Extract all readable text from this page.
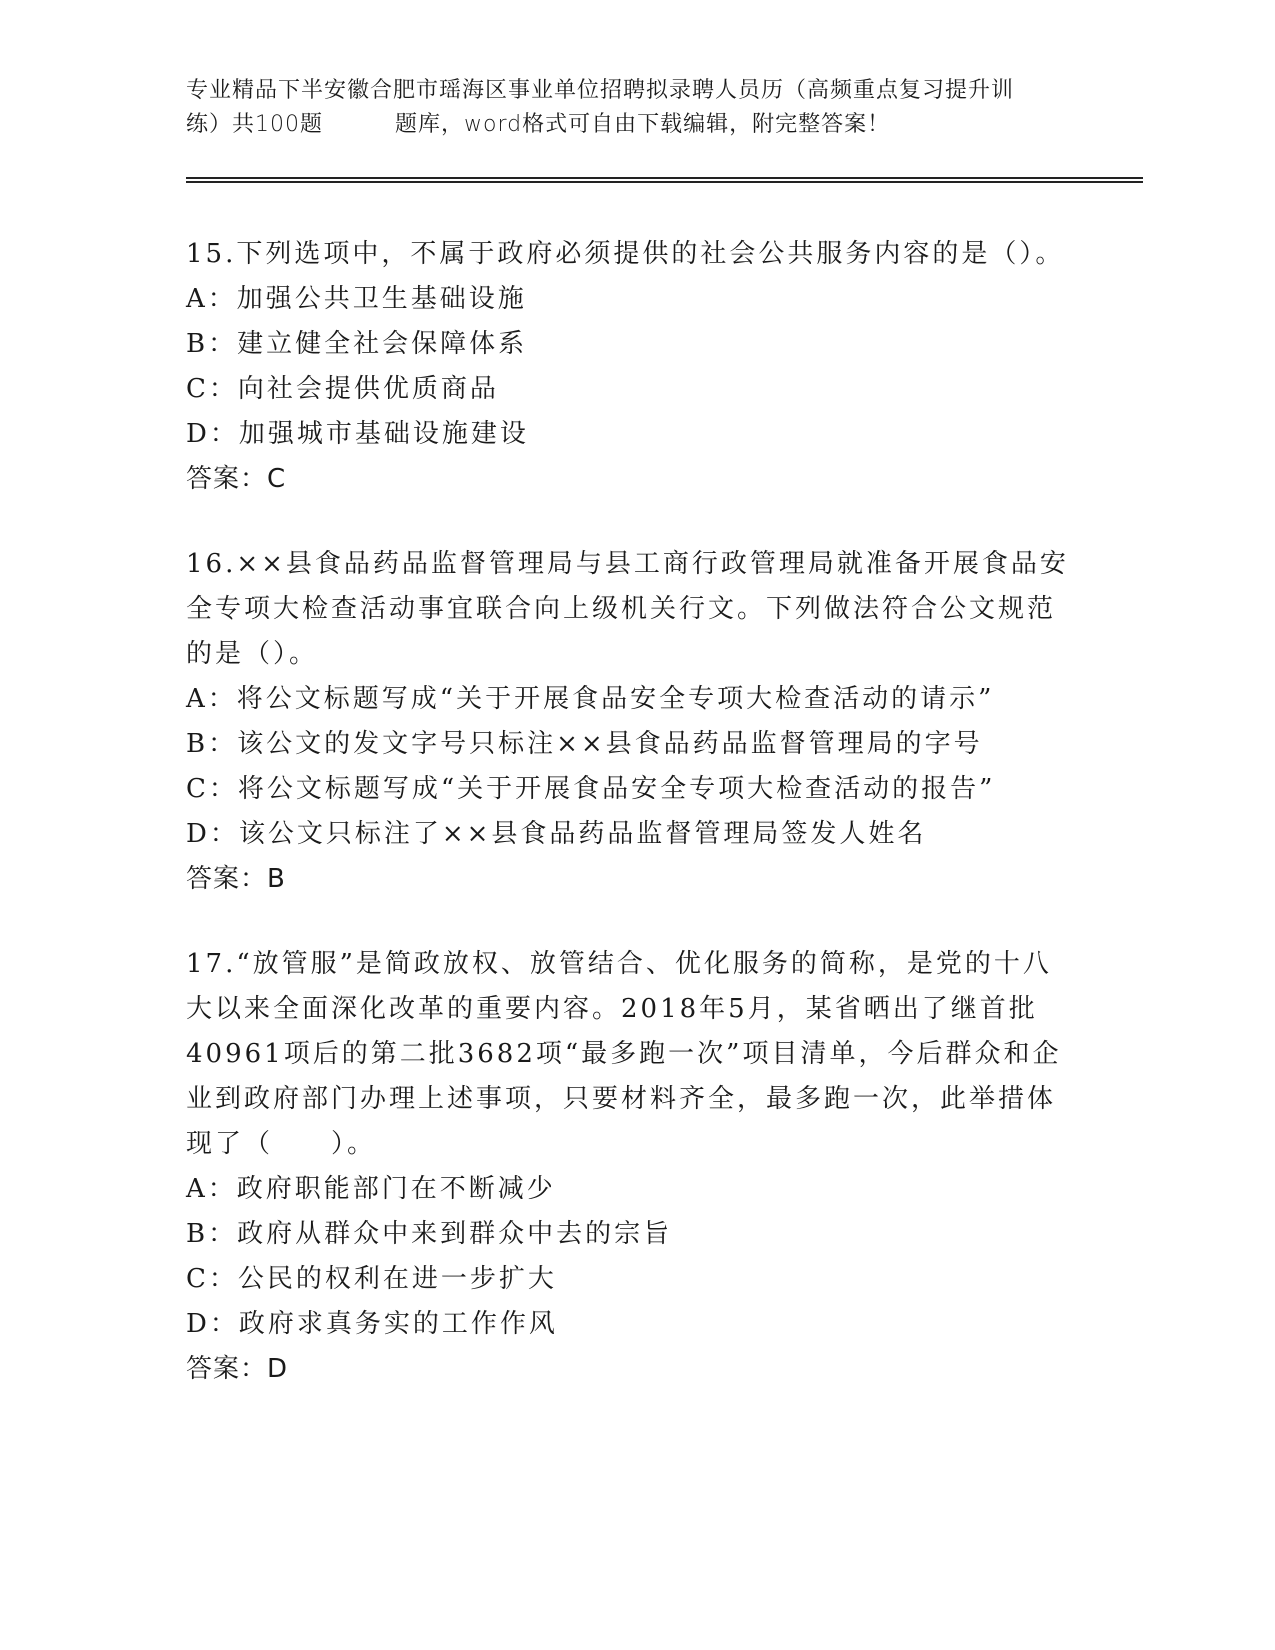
专业精品下半安徽合肥市瑶海区事业单位招聘拟录聘人员历（高频重点复习提升训
练）共100题	题库，word格式可自由下载编辑，附完整答案！
15.下列选项中，不属于政府必须提供的社会公共服务内容的是（）。
A：加强公共卫生基础设施
B：建立健全社会保障体系
C：向社会提供优质商品
D：加强城市基础设施建设
答案：C
16.××县食品药品监督管理局与县工商行政管理局就准备开展食品安
全专项大检查活动事宜联合向上级机关行文。下列做法符合公文规范
的是（）。
A：将公文标题写成“关于开展食品安全专项大检查活动的请示”
B：该公文的发文字号只标注××县食品药品监督管理局的字号
C：将公文标题写成“关于开展食品安全专项大检查活动的报告”
D：该公文只标注了××县食品药品监督管理局签发人姓名
答案：B
17.“放管服”是简政放权、放管结合、优化服务的简称，是党的十八
大以来全面深化改革的重要内容。2018年5月，某省晒出了继首批
40961项后的第二批3682项“最多跑一次”项目清单，今后群众和企
业到政府部门办理上述事项，只要材料齐全，最多跑一次，此举措体
现了（　　）。
A：政府职能部门在不断减少
B：政府从群众中来到群众中去的宗旨
C：公民的权利在进一步扩大
D：政府求真务实的工作作风
答案：D
